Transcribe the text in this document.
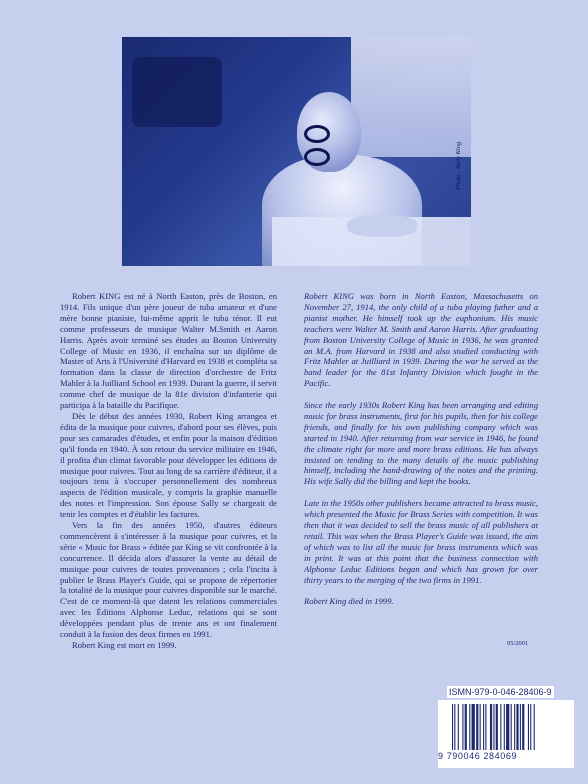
Photo : Sally King

Robert KING est né à North Easton, près de Boston, en 1914. Fils unique d'un père joueur de tuba amateur et d'une mère bonne pianiste, lui-même apprit le tuba ténor. Il eut comme professeurs de musique Walter M.Smith et Aaron Harris. Après avoir terminé ses études au Boston University College of Music en 1936, il enchaîna sur un diplôme de Master of Arts à l'Université d'Harvard en 1938 et compléta sa formation dans la classe de direction d'orchestre de Fritz Mahler à la Juilliard School en 1939. Durant la guerre, il servit comme chef de musique de la 81e division d'infanterie qui participa à la bataille du Pacifique.

Dès le début des années 1930, Robert King arrangea et édita de la musique pour cuivres, d'abord pour ses élèves, puis pour ses camarades d'études, et enfin pour la maison d'édition qu'il fonda en 1940. À son retour du service militaire en 1946, il profita d'un climat favorable pour développer les éditions de musique pour cuivres. Tout au long de sa carrière d'éditeur, il a toujours tenu à s'occuper personnellement des nombreux aspects de l'édition musicale, y compris la graphie manuelle des notes et l'impression. Son épouse Sally se chargeait de tenir les comptes et d'établir les factures.

Vers la fin des années 1950, d'autres éditeurs commencèrent à s'intéresser à la musique pour cuivres, et la série « Music for Brass » éditée par King se vit confrontée à la concurrence. Il décida alors d'assurer la vente au détail de musique pour cuivres de toutes provenances ; cela l'incita à publier le Brass Player's Guide, qui se propose de répertorier la totalité de la musique pour cuivres disponible sur le marché. C'est de ce moment-là que datent les relations commerciales avec les Éditions Alphonse Leduc, relations qui se sont développées pendant plus de trente ans et ont finalement conduit à la fusion des deux firmes en 1991.

Robert King est mort en 1999.

Robert KING was born in North Easton, Massachusetts on November 27, 1914, the only child of a tuba playing father and a pianist mother. He himself took up the euphonium. His music teachers were Walter M. Smith and Aaron Harris. After graduating from Boston University College of Music in 1936, he was granted an M.A. from Harvard in 1938 and also studied conducting with Fritz Mahler at Juilliard in 1939. During the war he served as the band leader for the 81st Infantry Division which fought in the Pacific.

Since the early 1930s Robert King has been arranging and editing music for brass instruments, first for his pupils, then for his college friends, and finally for his own publishing company which was started in 1940. After returning from war service in 1946, he found the climate right for more and more brass editions. He has always insisted on tending to the many details of the music publishing himself, including the hand-drawing of the notes and the printing. His wife Sally did the billing and kept the books.

Late in the 1950s other publishers became attracted to brass music, which presented the Music for Brass Series with competition. It was then that it was decided to sell the brass music of all publishers at retail. This was when the Brass Player's Guide was issued, the aim of which was to list all the music for brass instruments which was in print. It was at this point that the business connection with Alphonse Leduc Editions began and which has grown for over thirty years to the merging of the two firms in 1991.

Robert King died in 1999.

05/2001
ISMN-979-0-046-28406-9
9 790046 284069
